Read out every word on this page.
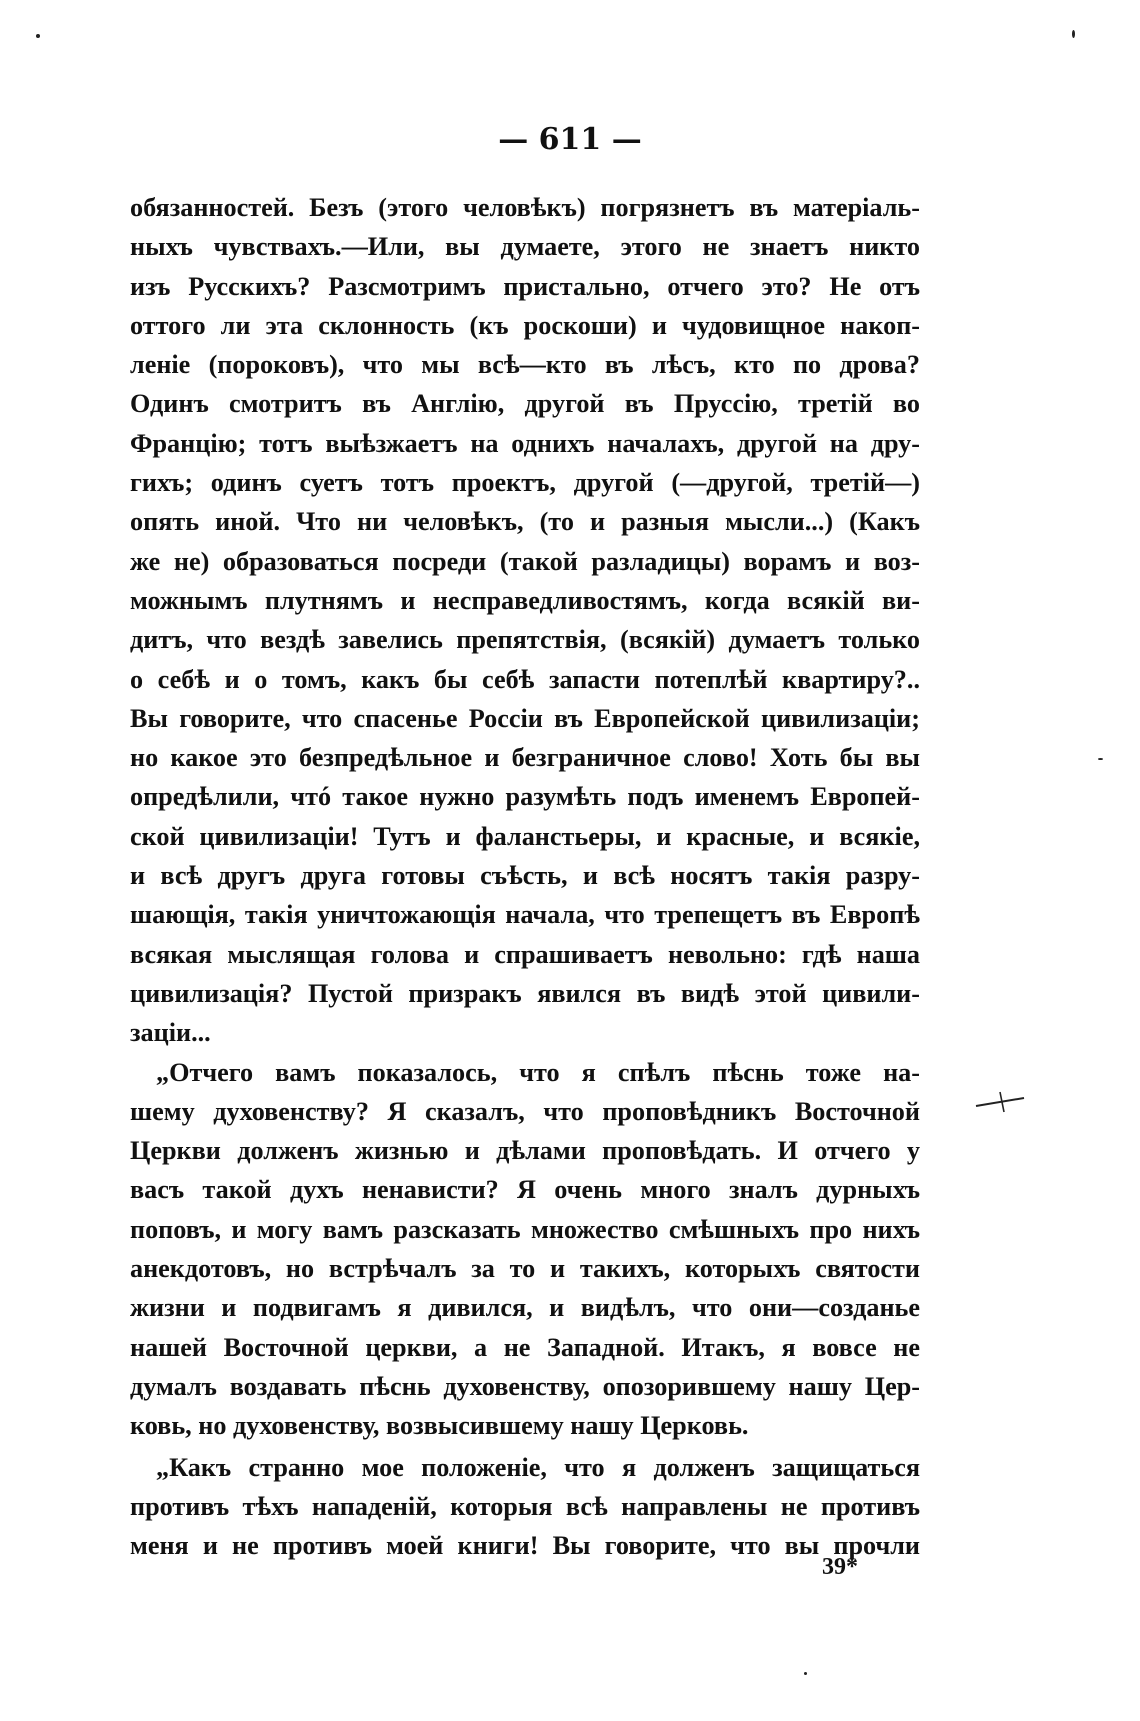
— 611 —
обязанностей. Безъ (этого человѣкъ) погрязнетъ въ матеріаль-
ныхъ чувствахъ.—Или, вы думаете, этого не знаетъ никто
изъ Русскихъ? Разсмотримъ пристально, отчего это? Не отъ
оттого ли эта склонность (къ роскоши) и чудовищное накоп-
леніе (пороковъ), что мы всѣ—кто въ лѣсъ, кто по дрова?
Одинъ смотритъ въ Англію, другой въ Пруссію, третій во
Францію; тотъ выѣзжаетъ на однихъ началахъ, другой на дру-
гихъ; одинъ суетъ тотъ проектъ, другой (—другой, третій—)
опять иной. Что ни человѣкъ, (то и разныя мысли...) (Какъ
же не) образоваться посреди (такой разладицы) ворамъ и воз-
можнымъ плутнямъ и несправедливостямъ, когда всякій ви-
дитъ, что вездѣ завелись препятствія, (всякій) думаетъ только
о себѣ и о томъ, какъ бы себѣ запасти потеплѣй квартиру?..
Вы говорите, что спасенье Россіи въ Европейской цивилизаціи;
но какое это безпредѣльное и безграничное слово! Хоть бы вы
опредѣлили, чтó такое нужно разумѣть подъ именемъ Европей-
ской цивилизаціи! Тутъ и фаланстьеры, и красные, и всякіе,
и всѣ другъ друга готовы съѣсть, и всѣ носятъ такія разру-
шающія, такія уничтожающія начала, что трепещетъ въ Европѣ
всякая мыслящая голова и спрашиваетъ невольно: гдѣ наша
цивилизація? Пустой призракъ явился въ видѣ этой цивили-
заціи...
„Отчего вамъ показалось, что я спѣлъ пѣснь тоже на-
шему духовенству? Я сказалъ, что проповѣдникъ Восточной
Церкви долженъ жизнью и дѣлами проповѣдать. И отчего у
васъ такой духъ ненависти? Я очень много зналъ дурныхъ
поповъ, и могу вамъ разсказать множество смѣшныхъ про нихъ
анекдотовъ, но встрѣчалъ за то и такихъ, которыхъ святости
жизни и подвигамъ я дивился, и видѣлъ, что они—созданье
нашей Восточной церкви, а не Западной. Итакъ, я вовсе не
думалъ воздавать пѣснь духовенству, опозорившему нашу Цер-
ковь, но духовенству, возвысившему нашу Церковь.
„Какъ странно мое положеніе, что я долженъ защищаться
противъ тѣхъ нападеній, которыя всѣ направлены не противъ
меня и не противъ моей книги! Вы говорите, что вы прочли
39*
